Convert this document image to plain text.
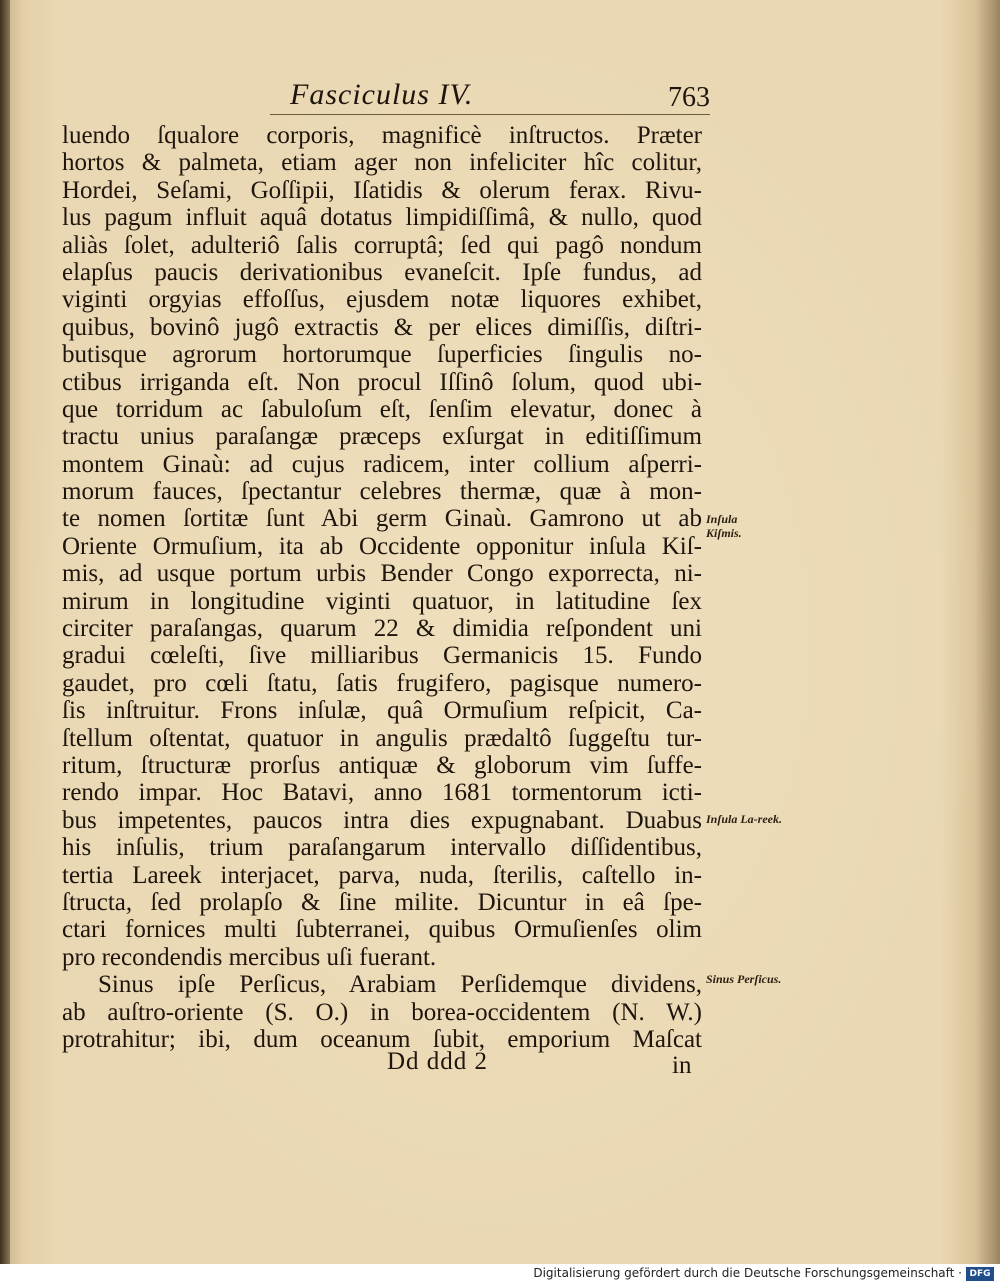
Fasciculus IV.	763
luendo ſqualore corporis, magnificè inſtructos. Præter
hortos & palmeta, etiam ager non infeliciter hîc colitur,
Hordei, Seſami, Goſſipii, Iſatidis & olerum ferax. Rivu-
lus pagum influit aquâ dotatus limpidiſſimâ, & nullo, quod
aliàs ſolet, adulteriô ſalis corruptâ; ſed qui pagô nondum
elapſus paucis derivationibus evaneſcit. Ipſe fundus, ad
viginti orgyias effoſſus, ejusdem notæ liquores exhibet,
quibus, bovinô jugô extractis & per elices dimiſſis, diſtri-
butisque agrorum hortorumque ſuperficies ſingulis no-
ctibus irriganda eſt. Non procul Iſſinô ſolum, quod ubi-
que torridum ac ſabuloſum eſt, ſenſim elevatur, donec à
tractu unius paraſangæ præceps exſurgat in editiſſimum
montem Ginaù: ad cujus radicem, inter collium aſperri-
morum fauces, ſpectantur celebres thermæ, quæ à mon-
te nomen ſortitæ ſunt Abi germ Ginaù. Gamrono ut ab
Oriente Ormuſium, ita ab Occidente opponitur inſula Kiſ-
mis, ad usque portum urbis Bender Congo exporrecta, ni-
mirum in longitudine viginti quatuor, in latitudine ſex
circiter paraſangas, quarum 22 & dimidia reſpondent uni
gradui cœleſti, ſive milliaribus Germanicis 15. Fundo
gaudet, pro cœli ſtatu, ſatis frugifero, pagisque numero-
ſis inſtruitur. Frons inſulæ, quâ Ormuſium reſpicit, Ca-
ſtellum oſtentat, quatuor in angulis prædaltô ſuggeſtu tur-
ritum, ſtructuræ prorſus antiquæ & globorum vim ſuffe-
rendo impar. Hoc Batavi, anno 1681 tormentorum icti-
bus impetentes, paucos intra dies expugnabant. Duabus
his inſulis, trium paraſangarum intervallo diſſidentibus,
tertia Lareek interjacet, parva, nuda, ſterilis, caſtello in-
ſtructa, ſed prolapſo & ſine milite. Dicuntur in eâ ſpe-
ctari fornices multi ſubterranei, quibus Ormuſienſes olim
pro recondendis mercibus uſi fuerant.
Sinus ipſe Perſicus, Arabiam Perſidemque dividens,
ab auſtro-oriente (S. O.) in borea-occidentem (N. W.)
protrahitur; ibi, dum oceanum ſubit, emporium Maſcat
Inſula Kiſmis.
Inſula La-reek.
Sinus Perſicus.
Dd ddd 2	in
Digitalisierung gefördert durch die Deutsche Forschungsgemeinschaft · DFG
